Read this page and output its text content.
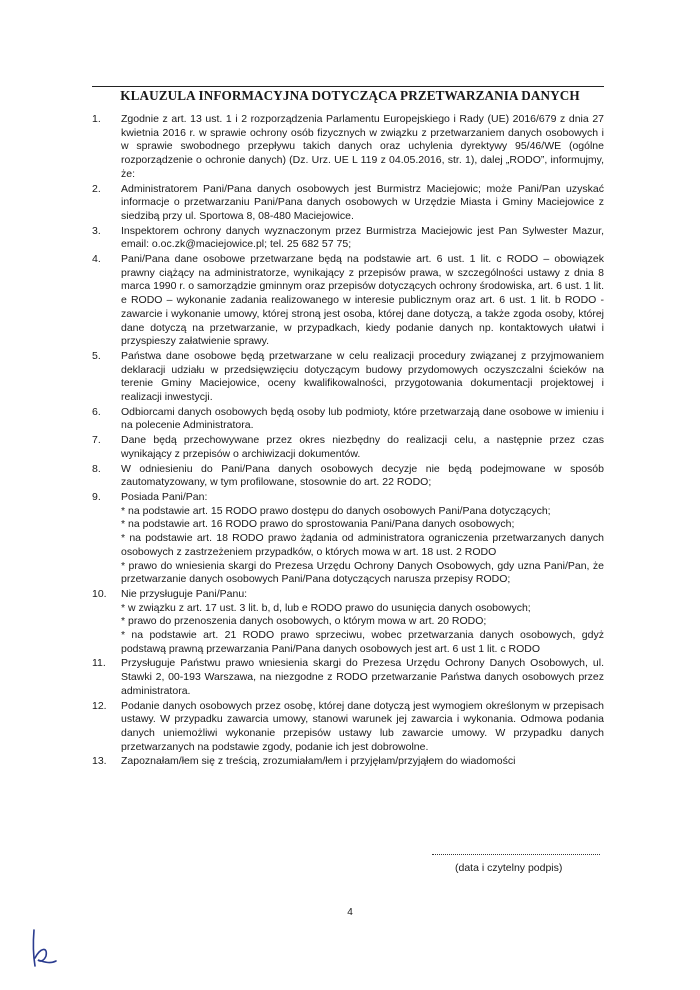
KLAUZULA INFORMACYJNA DOTYCZĄCA PRZETWARZANIA DANYCH
1.	Zgodnie z art. 13 ust. 1 i 2 rozporządzenia Parlamentu Europejskiego i Rady (UE) 2016/679 z dnia 27 kwietnia 2016 r. w sprawie ochrony osób fizycznych w związku z przetwarzaniem danych osobowych i w sprawie swobodnego przepływu takich danych oraz uchylenia dyrektywy 95/46/WE (ogólne rozporządzenie o ochronie danych) (Dz. Urz. UE L 119 z 04.05.2016, str. 1), dalej „RODO”, informujmy, że:
2.	Administratorem Pani/Pana danych osobowych jest Burmistrz Maciejowic; może Pani/Pan uzyskać informacje o przetwarzaniu Pani/Pana danych osobowych w Urzędzie Miasta i Gminy Maciejowice z siedzibą przy ul. Sportowa 8, 08-480 Maciejowice.
3.	Inspektorem ochrony danych wyznaczonym przez Burmistrza Maciejowic jest Pan Sylwester Mazur, email: o.oc.zk@maciejowice.pl; tel. 25 682 57 75;
4.	Pani/Pana dane osobowe przetwarzane będą na podstawie art. 6 ust. 1 lit. c RODO – obowiązek prawny ciążący na administratorze, wynikający z przepisów prawa, w szczególności ustawy z dnia 8 marca 1990 r. o samorządzie gminnym oraz przepisów dotyczących ochrony środowiska, art. 6 ust. 1 lit. e RODO – wykonanie zadania realizowanego w interesie publicznym oraz art. 6 ust. 1 lit. b RODO - zawarcie i wykonanie umowy, której stroną jest osoba, której dane dotyczą, a także zgoda osoby, której dane dotyczą na przetwarzanie, w przypadkach, kiedy podanie danych np. kontaktowych ułatwi i przyspieszy załatwienie sprawy.
5.	Państwa dane osobowe będą przetwarzane w celu realizacji procedury związanej z przyjmowaniem deklaracji udziału w przedsięwzięciu dotyczącym budowy przydomowych oczyszczalni ścieków na terenie Gminy Maciejowice, oceny kwalifikowalności, przygotowania dokumentacji projektowej i realizacji inwestycji.
6.	Odbiorcami danych osobowych będą osoby lub podmioty, które przetwarzają dane osobowe w imieniu i na polecenie Administratora.
7.	Dane będą przechowywane przez okres niezbędny do realizacji celu, a następnie przez czas wynikający z przepisów o archiwizacji dokumentów.
8.	W odniesieniu do Pani/Pana danych osobowych decyzje nie będą podejmowane w sposób zautomatyzowany, w tym profilowane, stosownie do art. 22 RODO;
9.	Posiada Pani/Pan:
* na podstawie art. 15 RODO prawo dostępu do danych osobowych Pani/Pana dotyczących;
* na podstawie art. 16 RODO prawo do sprostowania Pani/Pana danych osobowych;
* na podstawie art. 18 RODO prawo żądania od administratora ograniczenia przetwarzanych danych osobowych z zastrzeżeniem przypadków, o których mowa w art. 18 ust. 2 RODO
* prawo do wniesienia skargi do Prezesa Urzędu Ochrony Danych Osobowych, gdy uzna Pani/Pan, że przetwarzanie danych osobowych Pani/Pana dotyczących narusza przepisy RODO;
10.	Nie przysługuje Pani/Panu:
* w związku z art. 17 ust. 3 lit. b, d, lub e RODO prawo do usunięcia danych osobowych;
* prawo do przenoszenia danych osobowych, o którym mowa w art. 20 RODO;
* na podstawie art. 21 RODO prawo sprzeciwu, wobec przetwarzania danych osobowych, gdyż podstawą prawną przewarzania Pani/Pana danych osobowych jest art. 6 ust 1 lit. c RODO
11.	Przysługuje Państwu prawo wniesienia skargi do Prezesa Urzędu Ochrony Danych Osobowych, ul. Stawki 2, 00-193 Warszawa, na niezgodne z RODO przetwarzanie Państwa danych osobowych przez administratora.
12.	Podanie danych osobowych przez osobę, której dane dotyczą jest wymogiem określonym w przepisach ustawy. W przypadku zawarcia umowy, stanowi warunek jej zawarcia i wykonania. Odmowa podania danych uniemożliwi wykonanie przepisów ustawy lub zawarcie umowy. W przypadku danych przetwarzanych na podstawie zgody, podanie ich jest dobrowolne.
13.	Zapoznałam/łem się z treścią, zrozumiałam/łem i przyjęłam/przyjąłem do wiadomości
(data i czytelny podpis)
4
